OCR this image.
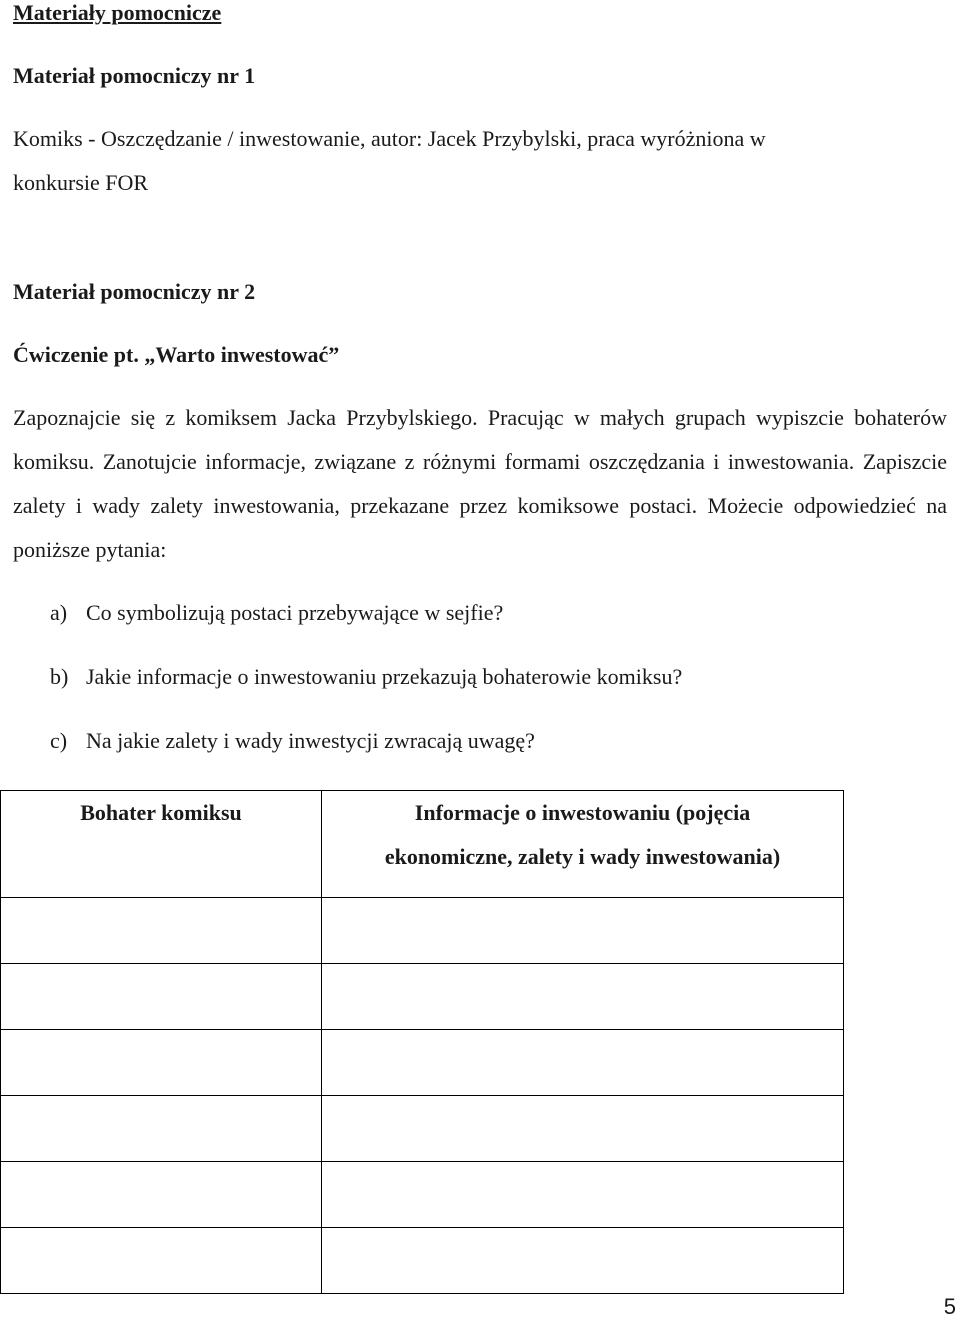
Materiały pomocnicze
Materiał pomocniczy nr 1
Komiks - Oszczędzanie / inwestowanie, autor: Jacek Przybylski, praca wyróżniona w
konkursie FOR
Materiał pomocniczy nr 2
Ćwiczenie pt. „Warto inwestować”

Zapoznajcie się z komiksem Jacka Przybylskiego. Pracując w małych grupach wypiszcie bohaterów komiksu. Zanotujcie informacje, związane z różnymi formami oszczędzania i inwestowania. Zapiszcie zalety i wady zalety inwestowania, przekazane przez komiksowe postaci. Możecie odpowiedzieć na poniższe pytania:

a) Co symbolizują postaci przebywające w sejfie?
b) Jakie informacje o inwestowaniu przekazują bohaterowie komiksu?
c) Na jakie zalety i wady inwestycji zwracają uwagę?
Bohater komiksu	Informacje o inwestowaniu (pojęcia
ekonomiczne, zalety i wady inwestowania)

5
